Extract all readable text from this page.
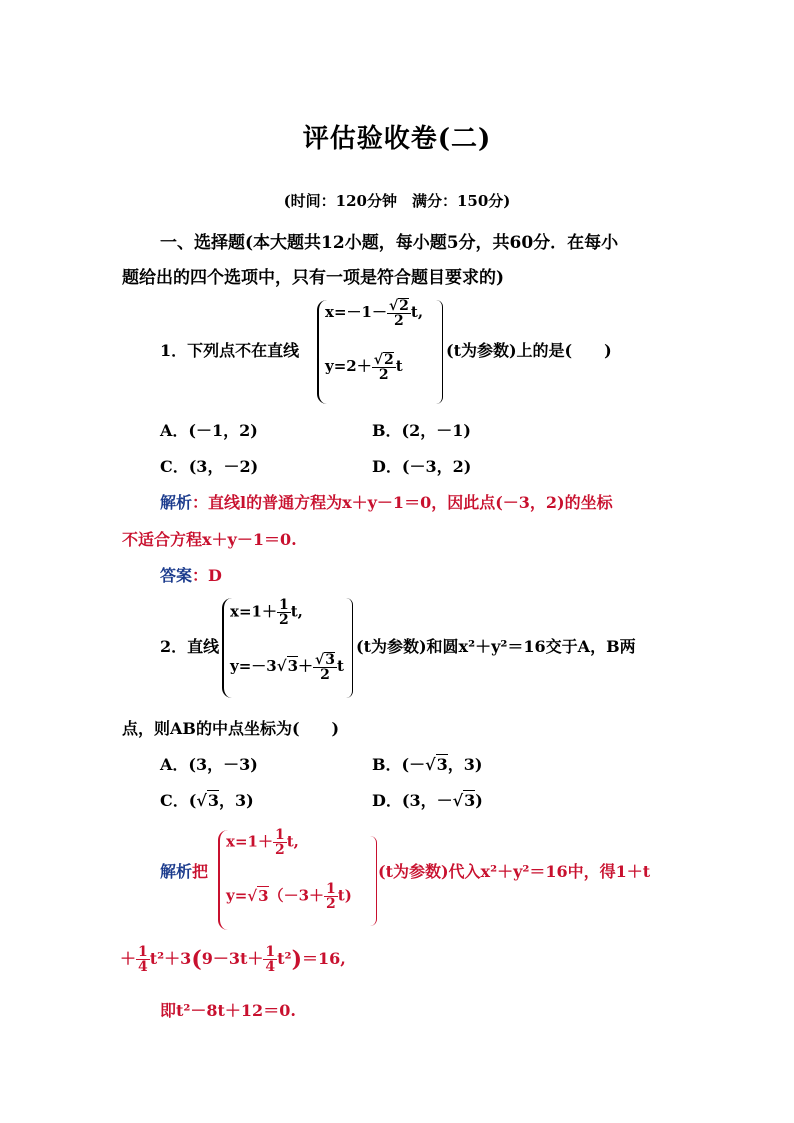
评估验收卷(二)
(时间：120分钟　满分：150分)
一、选择题(本大题共12小题，每小题5分，共60分．在每小
题给出的四个选项中，只有一项是符合题目要求的)
1．下列点不在直线
$x=-1- \frac{√2}{2} t$,
$y=2+ \frac{√2}{2}$ t
(t为参数)上的是(　　)
A．(－1，2)	B．(2，－1)
C．(3，－2)	D．(－3，2)
解析：直线l的普通方程为x＋y－1＝0，因此点(－3，2)的坐标
不适合方程x＋y－1＝0.
答案：D
2．直线
$x=1+ \frac{1}{2} t$,
$y=-3√3+ \frac{√3}{2}$ t
(t为参数)和圆x²＋y²＝16交于A，B两
点，则AB的中点坐标为(　　)
A．(3，－3)	B．(－√3，3)
C．(√3，3)	D．(3，－√3)
解析把
$x=1+ \frac{1}{2} t$,
$y=√3(-3+ \frac{1}{2} t)$
(t为参数)代入x²＋y²＝16中，得1＋t
＋ $\frac{1}{4} t^2+3(9-3t+ \frac{1}{4} t^2)=16$,
即t²－8t＋12＝0.
